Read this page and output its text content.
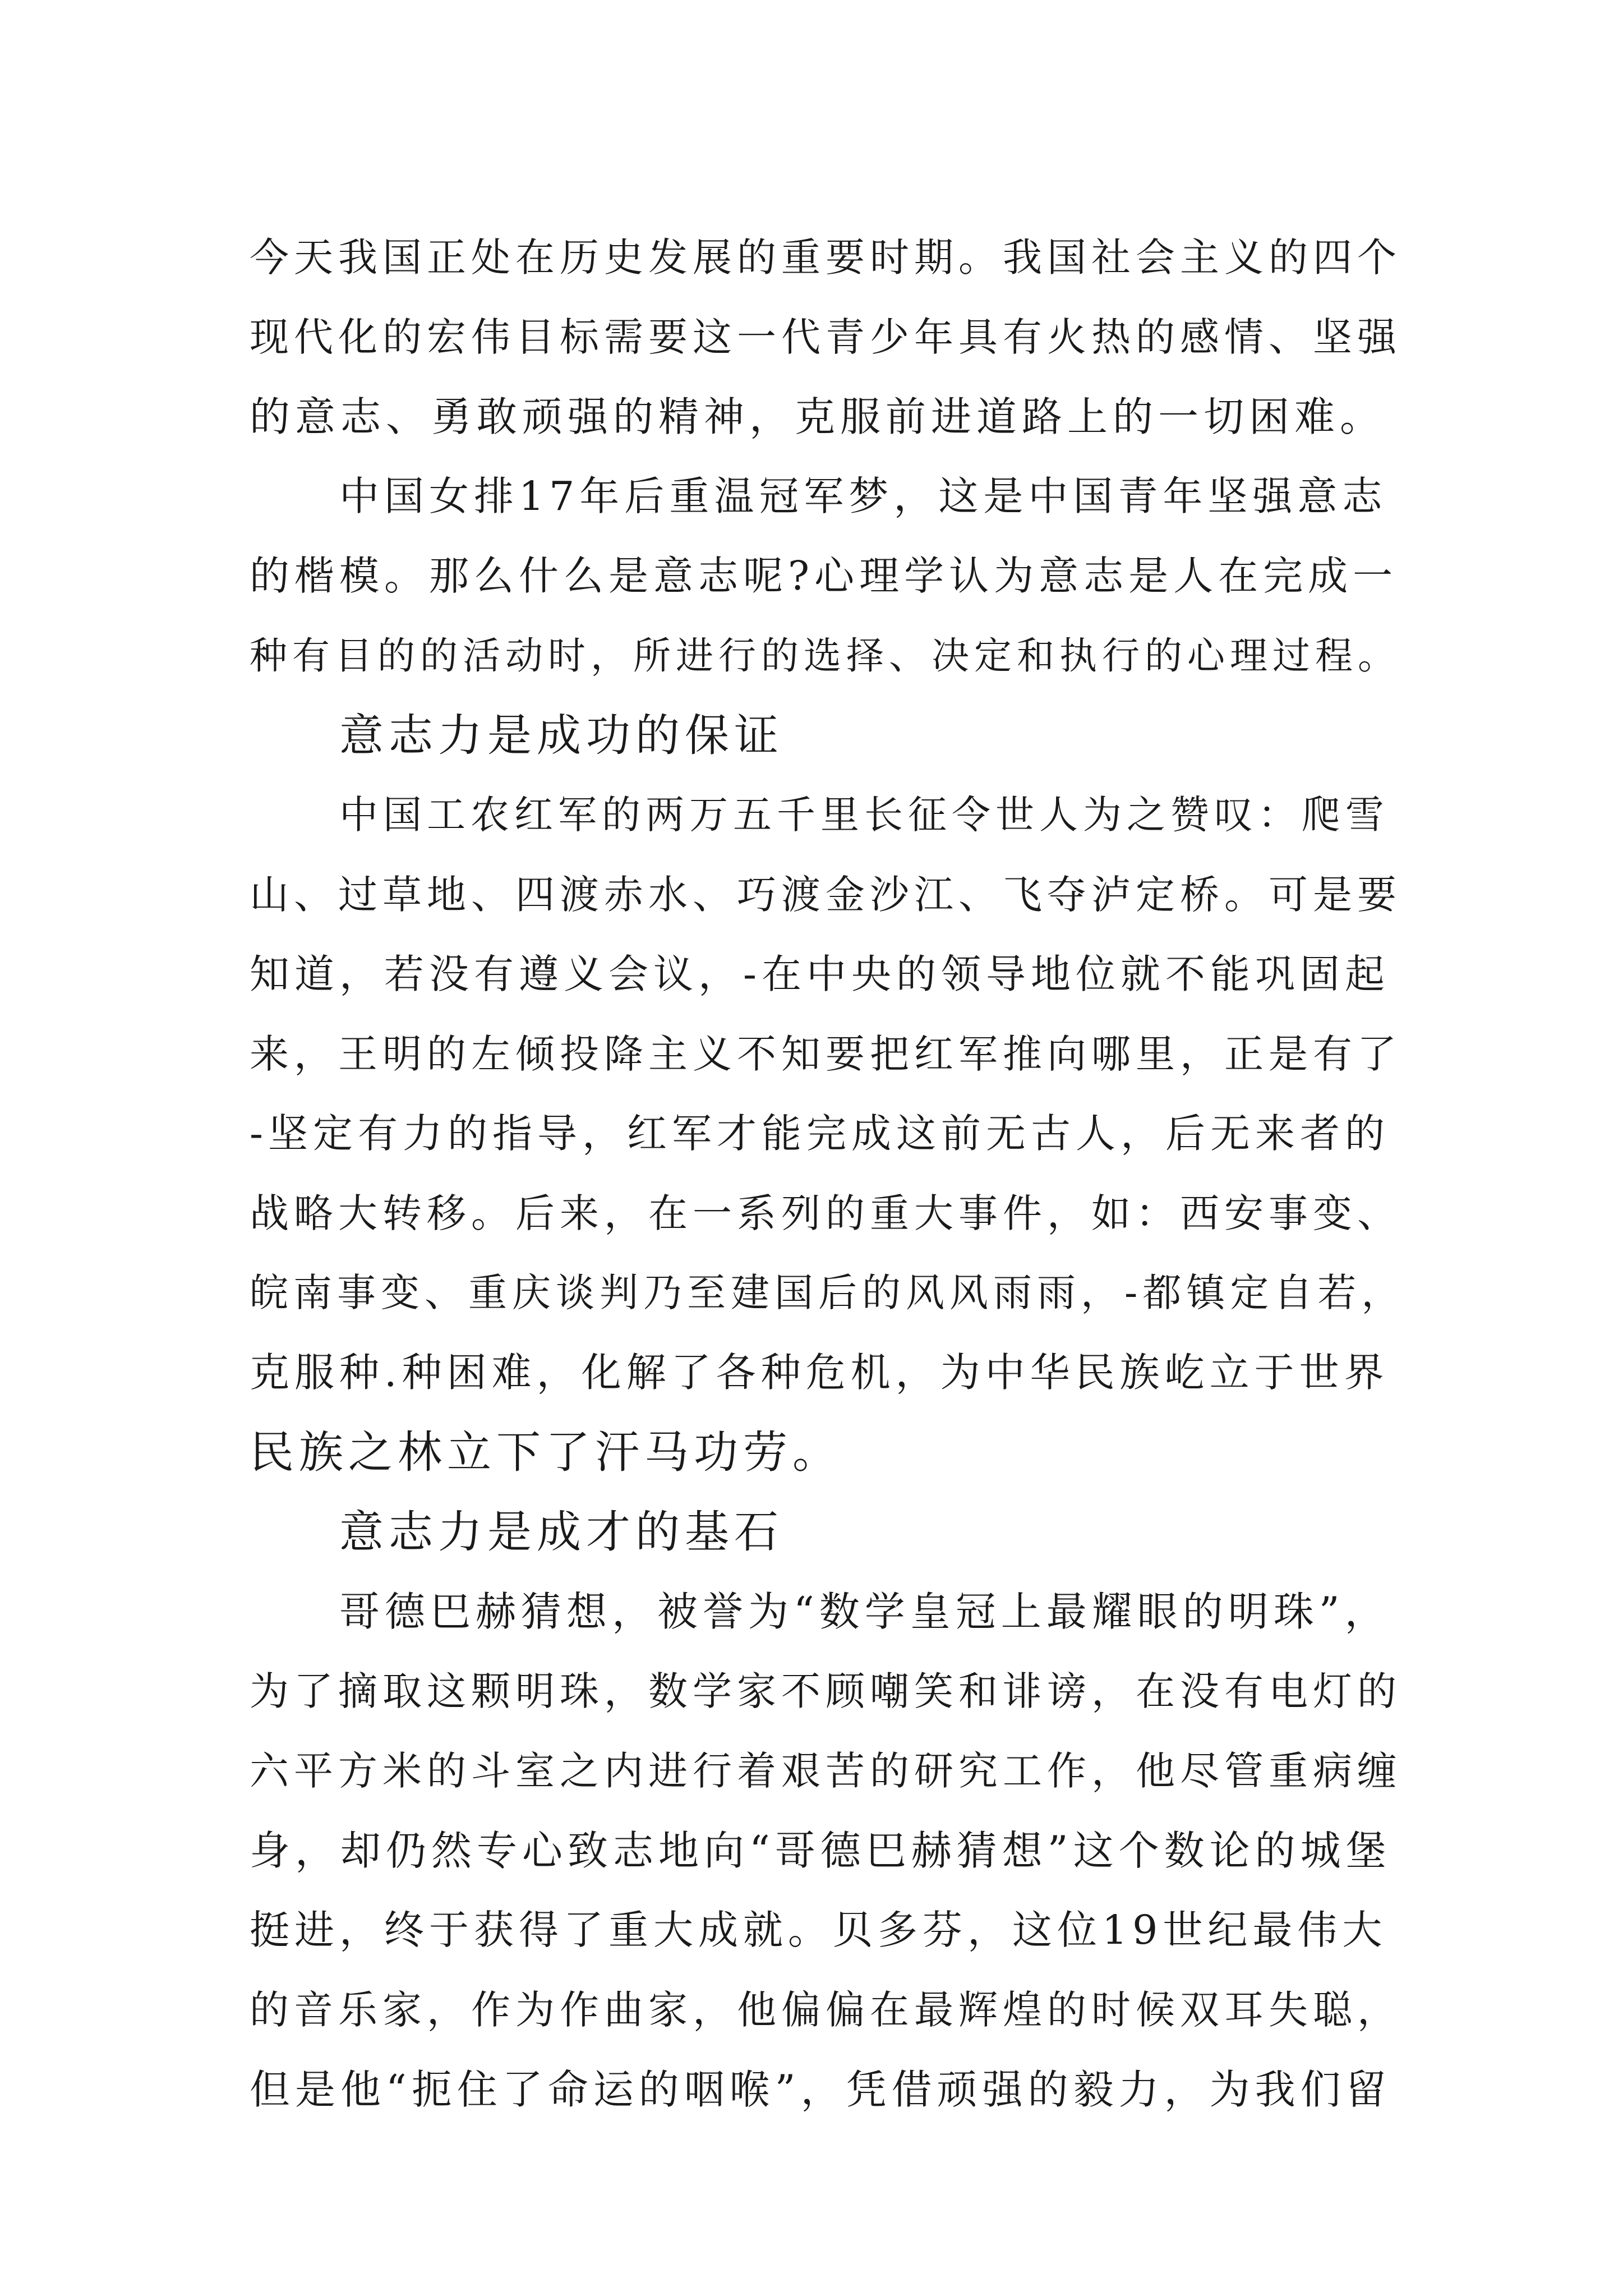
今天我国正处在历史发展的重要时期。我国社会主义的四个
现代化的宏伟目标需要这一代青少年具有火热的感情、坚强
的意志、勇敢顽强的精神，克服前进道路上的一切困难。
中国女排17年后重温冠军梦，这是中国青年坚强意志
的楷模。那么什么是意志呢?心理学认为意志是人在完成一
种有目的的活动时，所进行的选择、决定和执行的心理过程。
意志力是成功的保证
中国工农红军的两万五千里长征令世人为之赞叹：爬雪
山、过草地、四渡赤水、巧渡金沙江、飞夺泸定桥。可是要
知道，若没有遵义会议，-在中央的领导地位就不能巩固起
来，王明的左倾投降主义不知要把红军推向哪里，正是有了
-坚定有力的指导，红军才能完成这前无古人，后无来者的
战略大转移。后来，在一系列的重大事件，如：西安事变、
皖南事变、重庆谈判乃至建国后的风风雨雨，-都镇定自若，
克服种.种困难，化解了各种危机，为中华民族屹立于世界
民族之林立下了汗马功劳。
意志力是成才的基石
哥德巴赫猜想，被誉为“数学皇冠上最耀眼的明珠”，
为了摘取这颗明珠，数学家不顾嘲笑和诽谤，在没有电灯的
六平方米的斗室之内进行着艰苦的研究工作，他尽管重病缠
身，却仍然专心致志地向“哥德巴赫猜想”这个数论的城堡
挺进，终于获得了重大成就。贝多芬，这位19世纪最伟大
的音乐家，作为作曲家，他偏偏在最辉煌的时候双耳失聪，
但是他“扼住了命运的咽喉”，凭借顽强的毅力，为我们留
